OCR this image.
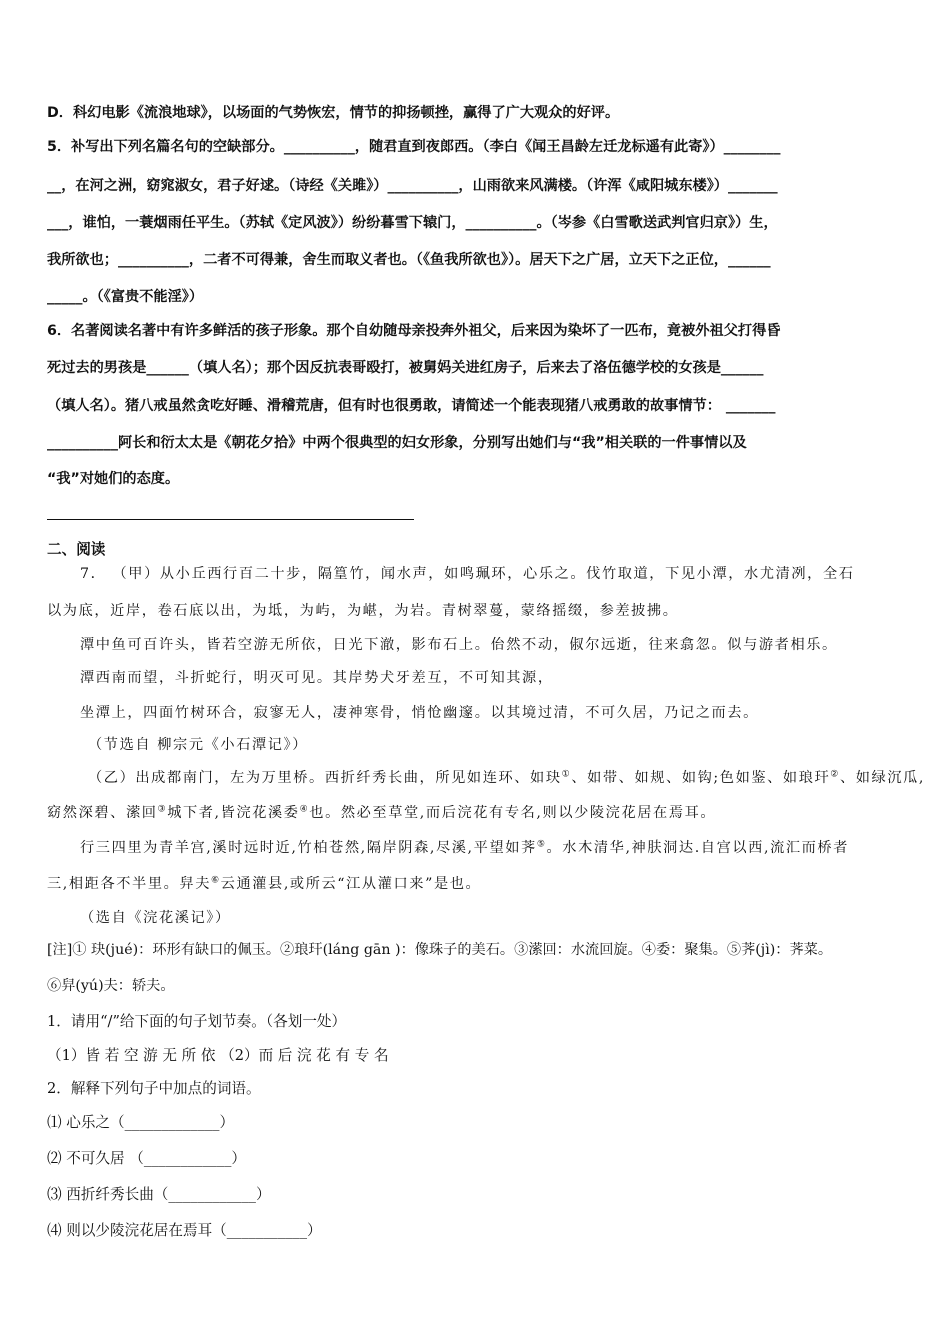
D．科幻电影《流浪地球》，以场面的气势恢宏，情节的抑扬顿挫，赢得了广大观众的好评。
5．补写出下列名篇名句的空缺部分。__________，随君直到夜郎西。（李白《闻王昌龄左迁龙标遥有此寄》）________
__，在河之洲，窈窕淑女，君子好逑。（诗经《关雎》）__________，山雨欲来风满楼。（许浑《咸阳城东楼》）_______
___，谁怕，一蓑烟雨任平生。（苏轼《定风波》）纷纷暮雪下辕门，__________。（岑参《白雪歌送武判官归京》）生，
我所欲也；__________，二者不可得兼，舍生而取义者也。（《鱼我所欲也》）。居天下之广居，立天下之正位，______
_____。（《富贵不能淫》）
6．名著阅读名著中有许多鲜活的孩子形象。那个自幼随母亲投奔外祖父，后来因为染坏了一匹布，竟被外祖父打得昏
死过去的男孩是______（填人名）；那个因反抗表哥殴打，被舅妈关进红房子，后来去了洛伍德学校的女孩是______
（填人名）。猪八戒虽然贪吃好睡、滑稽荒唐，但有时也很勇敢，请简述一个能表现猪八戒勇敢的故事情节： _______
__________阿长和衍太太是《朝花夕拾》中两个很典型的妇女形象，分别写出她们与“我”相关联的一件事情以及
“我”对她们的态度。
二、阅读
7． （甲）从小丘西行百二十步，隔篁竹，闻水声，如鸣珮环，心乐之。伐竹取道，下见小潭，水尤清冽，全石
以为底，近岸，卷石底以出，为坻，为屿，为嵁，为岩。青树翠蔓，蒙络摇缀，参差披拂。
潭中鱼可百许头，皆若空游无所依，日光下澈，影布石上。佁然不动，俶尔远逝，往来翕忽。似与游者相乐。
潭西南而望，斗折蛇行，明灭可见。其岸势犬牙差互，不可知其源，
坐潭上，四面竹树环合，寂寥无人，凄神寒骨，悄怆幽邃。以其境过清，不可久居，乃记之而去。
（节选自 柳宗元《小石潭记》）
（乙）出成都南门，左为万里桥。西折纤秀长曲，所见如连环、如玦①、如带、如规、如钩;色如鉴、如琅玕②、如绿沉瓜,
窈然深碧、潆回③城下者,皆浣花溪委④也。然必至草堂,而后浣花有专名,则以少陵浣花居在焉耳。
行三四里为青羊宫,溪时远时近,竹柏苍然,隔岸阴森,尽溪,平望如荠⑤。水木清华,神肤洞达.自宫以西,流汇而桥者
三,相距各不半里。舁夫⑥云通灌县,或所云“江从灌口来”是也。
（选自《浣花溪记》）
[注]① 玦(jué)：环形有缺口的佩玉。②琅玕(láng gān )：像珠子的美石。③潆回：水流回旋。④委：聚集。⑤荠(jì)：荠菜。
⑥舁(yú)夫：轿夫。
1．请用“/”给下面的句子划节奏。（各划一处）
（1）皆 若 空 游 无 所 依 （2）而 后 浣 花 有 专 名
2．解释下列句子中加点的词语。
⑴ 心乐之（_____________）
⑵ 不可久居 （____________）
⑶ 西折纤秀长曲（____________）
⑷ 则以少陵浣花居在焉耳（___________）
